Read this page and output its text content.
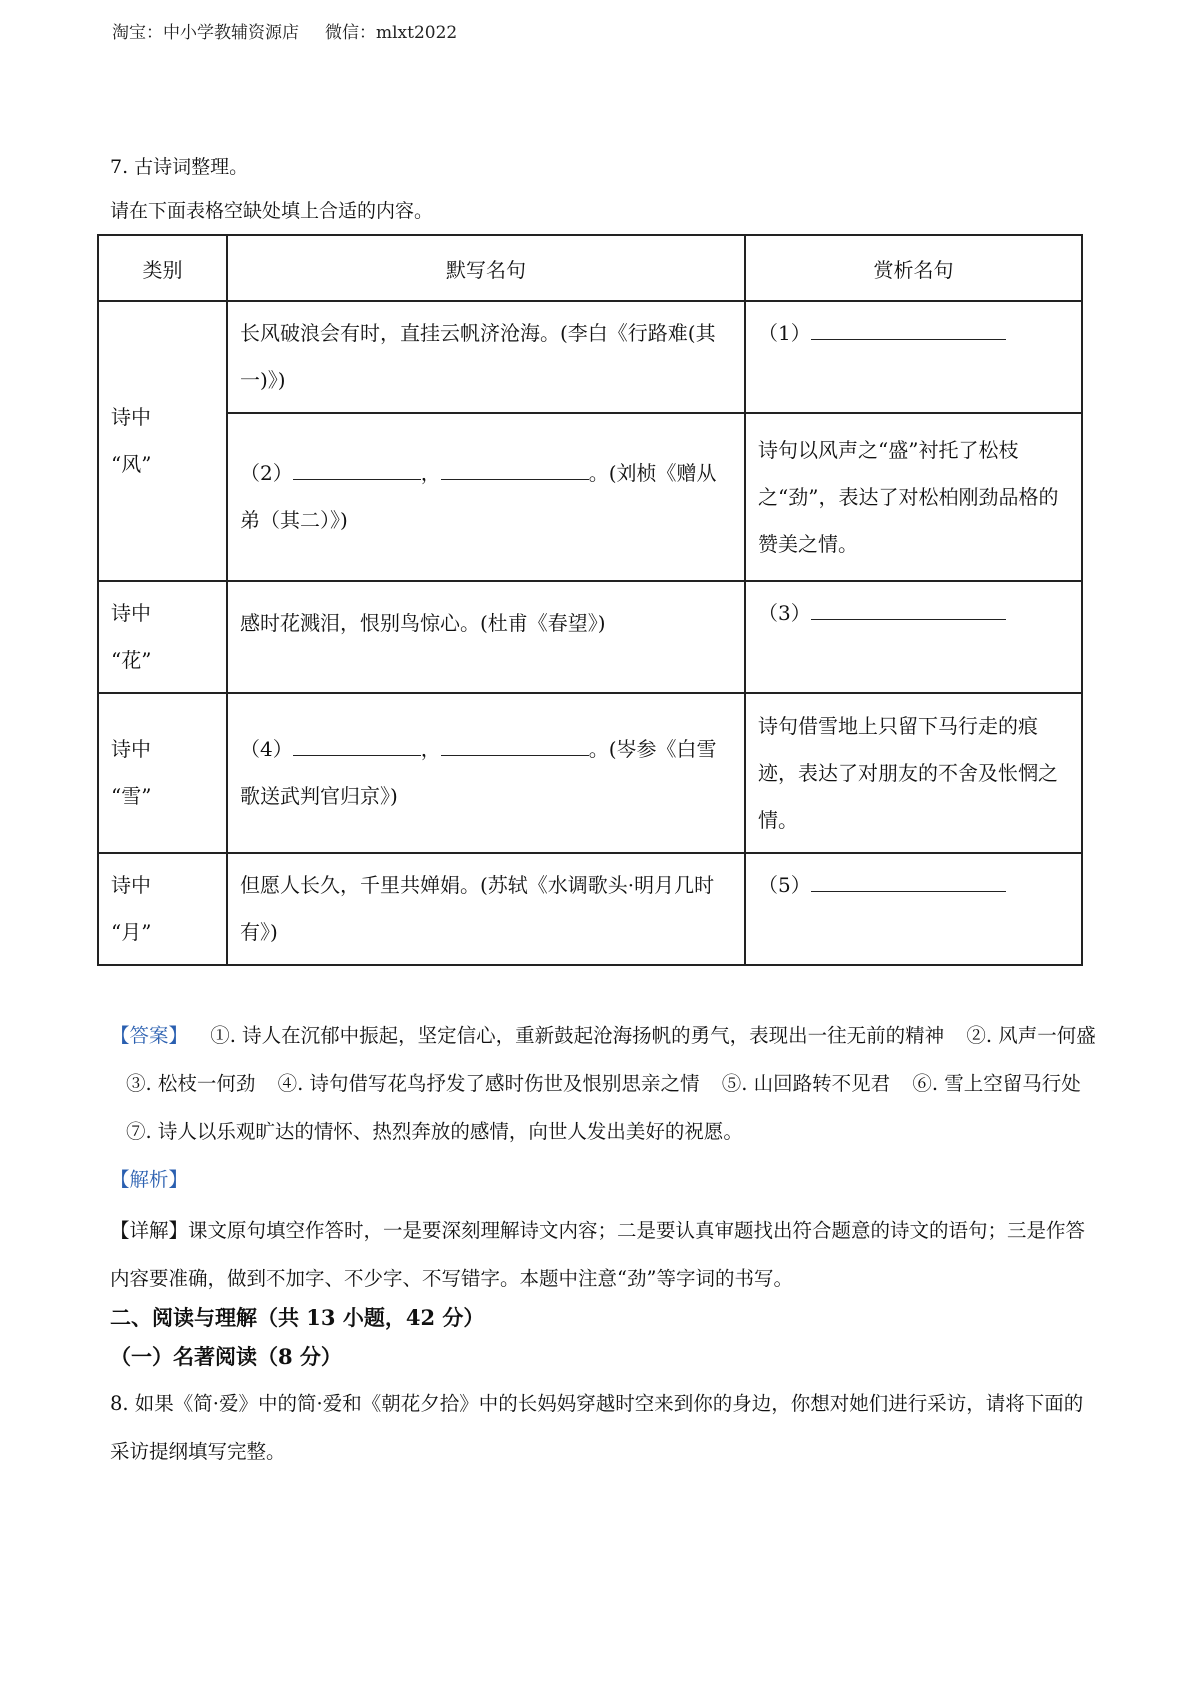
淘宝：中小学教辅资源店 微信：mlxt2022
7. 古诗词整理。
请在下面表格空缺处填上合适的内容。
类别	默写名句	赏析名句

诗中
“风”	长风破浪会有时，直挂云帆济沧海。(李白《行路难(其一)》)	（1）
	（2） ， 。(刘桢《赠从弟（其二）》)	诗句以风声之“盛”衬托了松枝之“劲”，表达了对松柏刚劲品格的赞美之情。

诗中
“花”	感时花溅泪，恨别鸟惊心。(杜甫《春望》)	（3）

诗中
“雪”	（4） ， 。(岑参《白雪歌送武判官归京》)	诗句借雪地上只留下马行走的痕迹，表达了对朋友的不舍及怅惘之情。

诗中
“月”	但愿人长久，千里共婵娟。(苏轼《水调歌头·明月几时有》)	（5）
【答案】 ①. 诗人在沉郁中振起，坚定信心，重新鼓起沧海扬帆的勇气，表现出一往无前的精神 ②. 风声一何盛 ③. 松枝一何劲 ④. 诗句借写花鸟抒发了感时伤世及恨别思亲之情 ⑤. 山回路转不见君 ⑥. 雪上空留马行处 ⑦. 诗人以乐观旷达的情怀、热烈奔放的感情，向世人发出美好的祝愿。
【解析】
【详解】课文原句填空作答时，一是要深刻理解诗文内容；二是要认真审题找出符合题意的诗文的语句；三是作答内容要准确，做到不加字、不少字、不写错字。本题中注意“劲”等字词的书写。
二、阅读与理解（共 13 小题，42 分）
（一）名著阅读（8 分）
8. 如果《简·爱》中的简·爱和《朝花夕拾》中的长妈妈穿越时空来到你的身边，你想对她们进行采访，请将下面的采访提纲填写完整。
